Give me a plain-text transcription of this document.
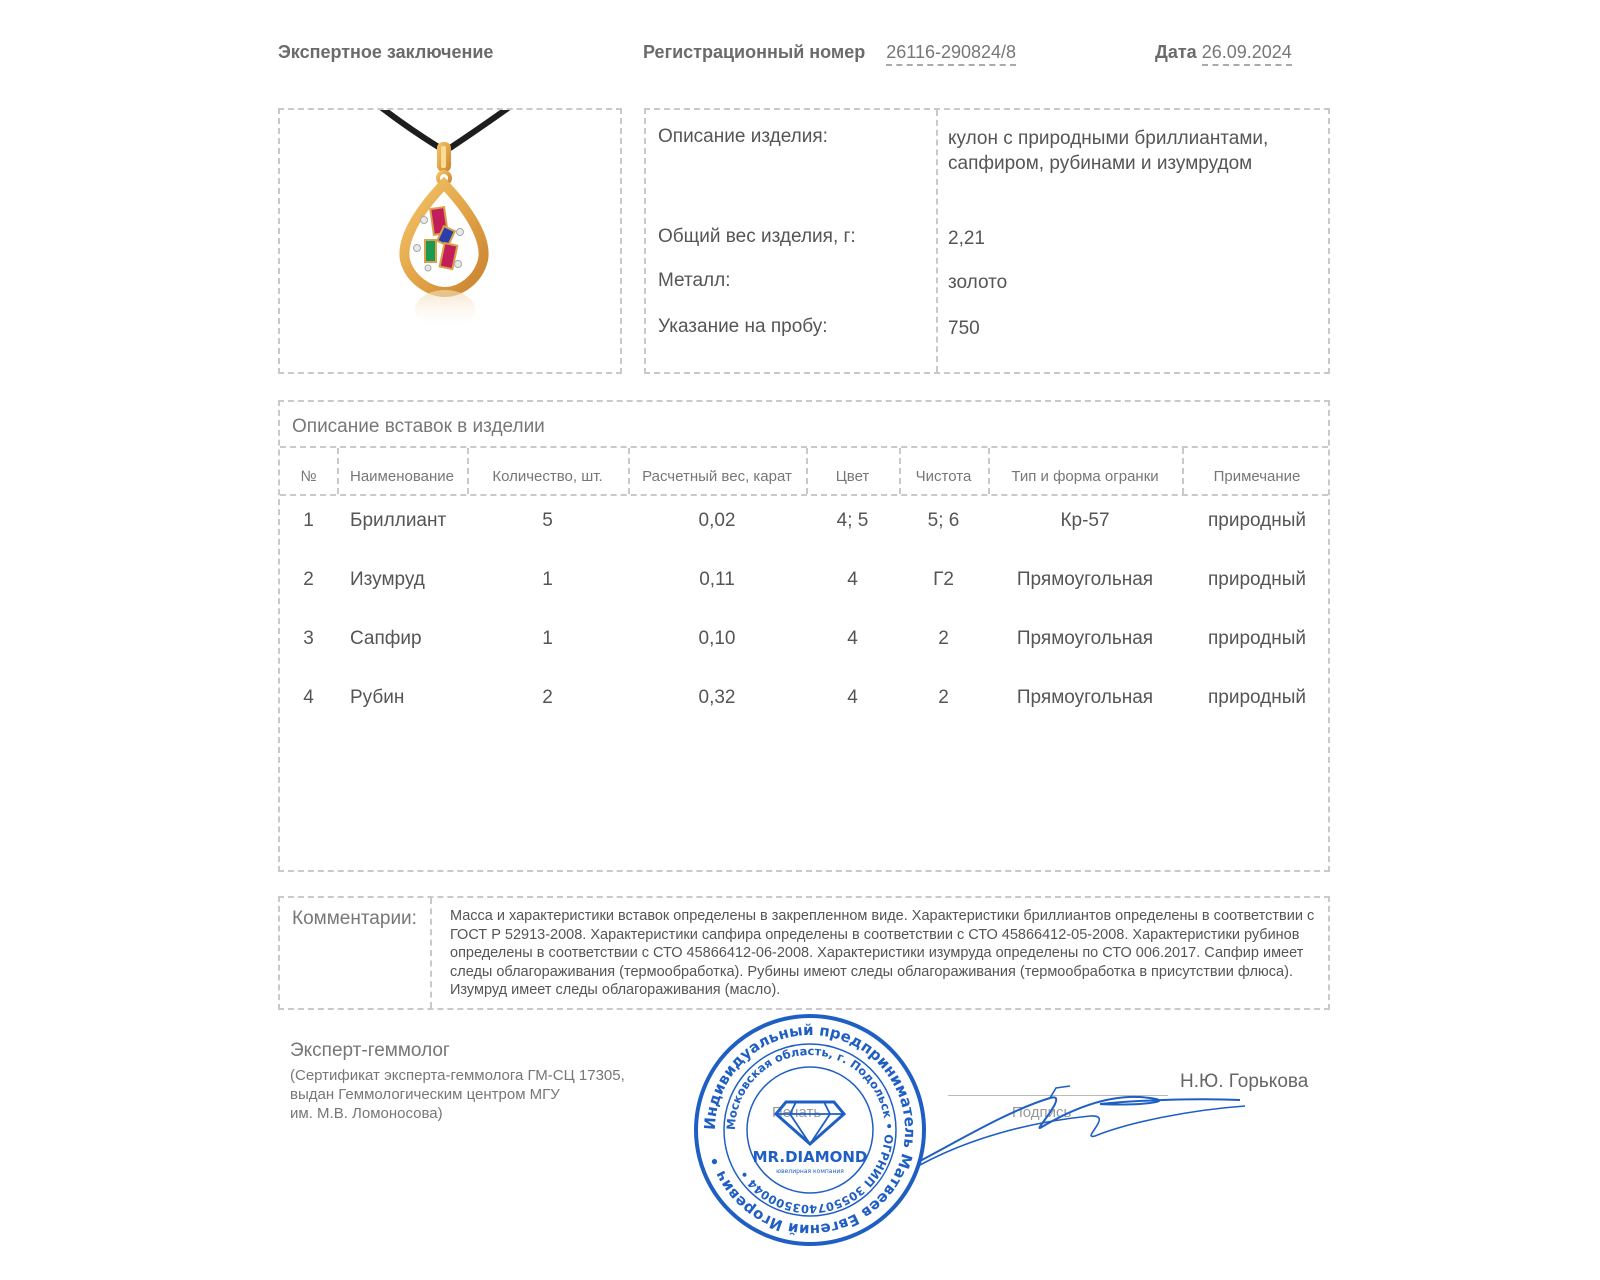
Экспертное заключение	Регистрационный номер 26116-290824/8	Дата 26.09.2024
Описание изделия:	кулон с природными бриллиантами, сапфиром, рубинами и изумрудом
Общий вес изделия, г:	2,21
Металл:	золото
Указание на пробу:	750
Описание вставок в изделии
№	Наименование	Количество, шт.	Расчетный вес, карат	Цвет	Чистота	Тип и форма огранки	Примечание
1	Бриллиант	5	0,02	4; 5	5; 6	Кр-57	природный
2	Изумруд	1	0,11	4	Г2	Прямоугольная	природный
3	Сапфир	1	0,10	4	2	Прямоугольная	природный
4	Рубин	2	0,32	4	2	Прямоугольная	природный
Комментарии: Масса и характеристики вставок определены в закрепленном виде. Характеристики бриллиантов определены в соответствии с ГОСТ Р 52913-2008. Характеристики сапфира определены в соответствии с СТО 45866412-05-2008. Характеристики рубинов определены в соответствии с СТО 45866412-06-2008. Характеристики изумруда определены по СТО 006.2017. Сапфир имеет следы облагораживания (термообработка). Рубины имеют следы облагораживания (термообработка в присутствии флюса). Изумруд имеет следы облагораживания (масло).
Эксперт-геммолог
(Сертификат эксперта-геммолога ГМ-СЦ 17305,
выдан Геммологическим центром МГУ
им. М.В. Ломоносова)	Печать	Подпись
Н.Ю. Горькова
Индивидуальный предприниматель Матвеев Евгений Игоревич •
Московская область, г. Подольск • ОГРНИП 305507403500044 •
MR.DIAMOND
ювелирная компания
